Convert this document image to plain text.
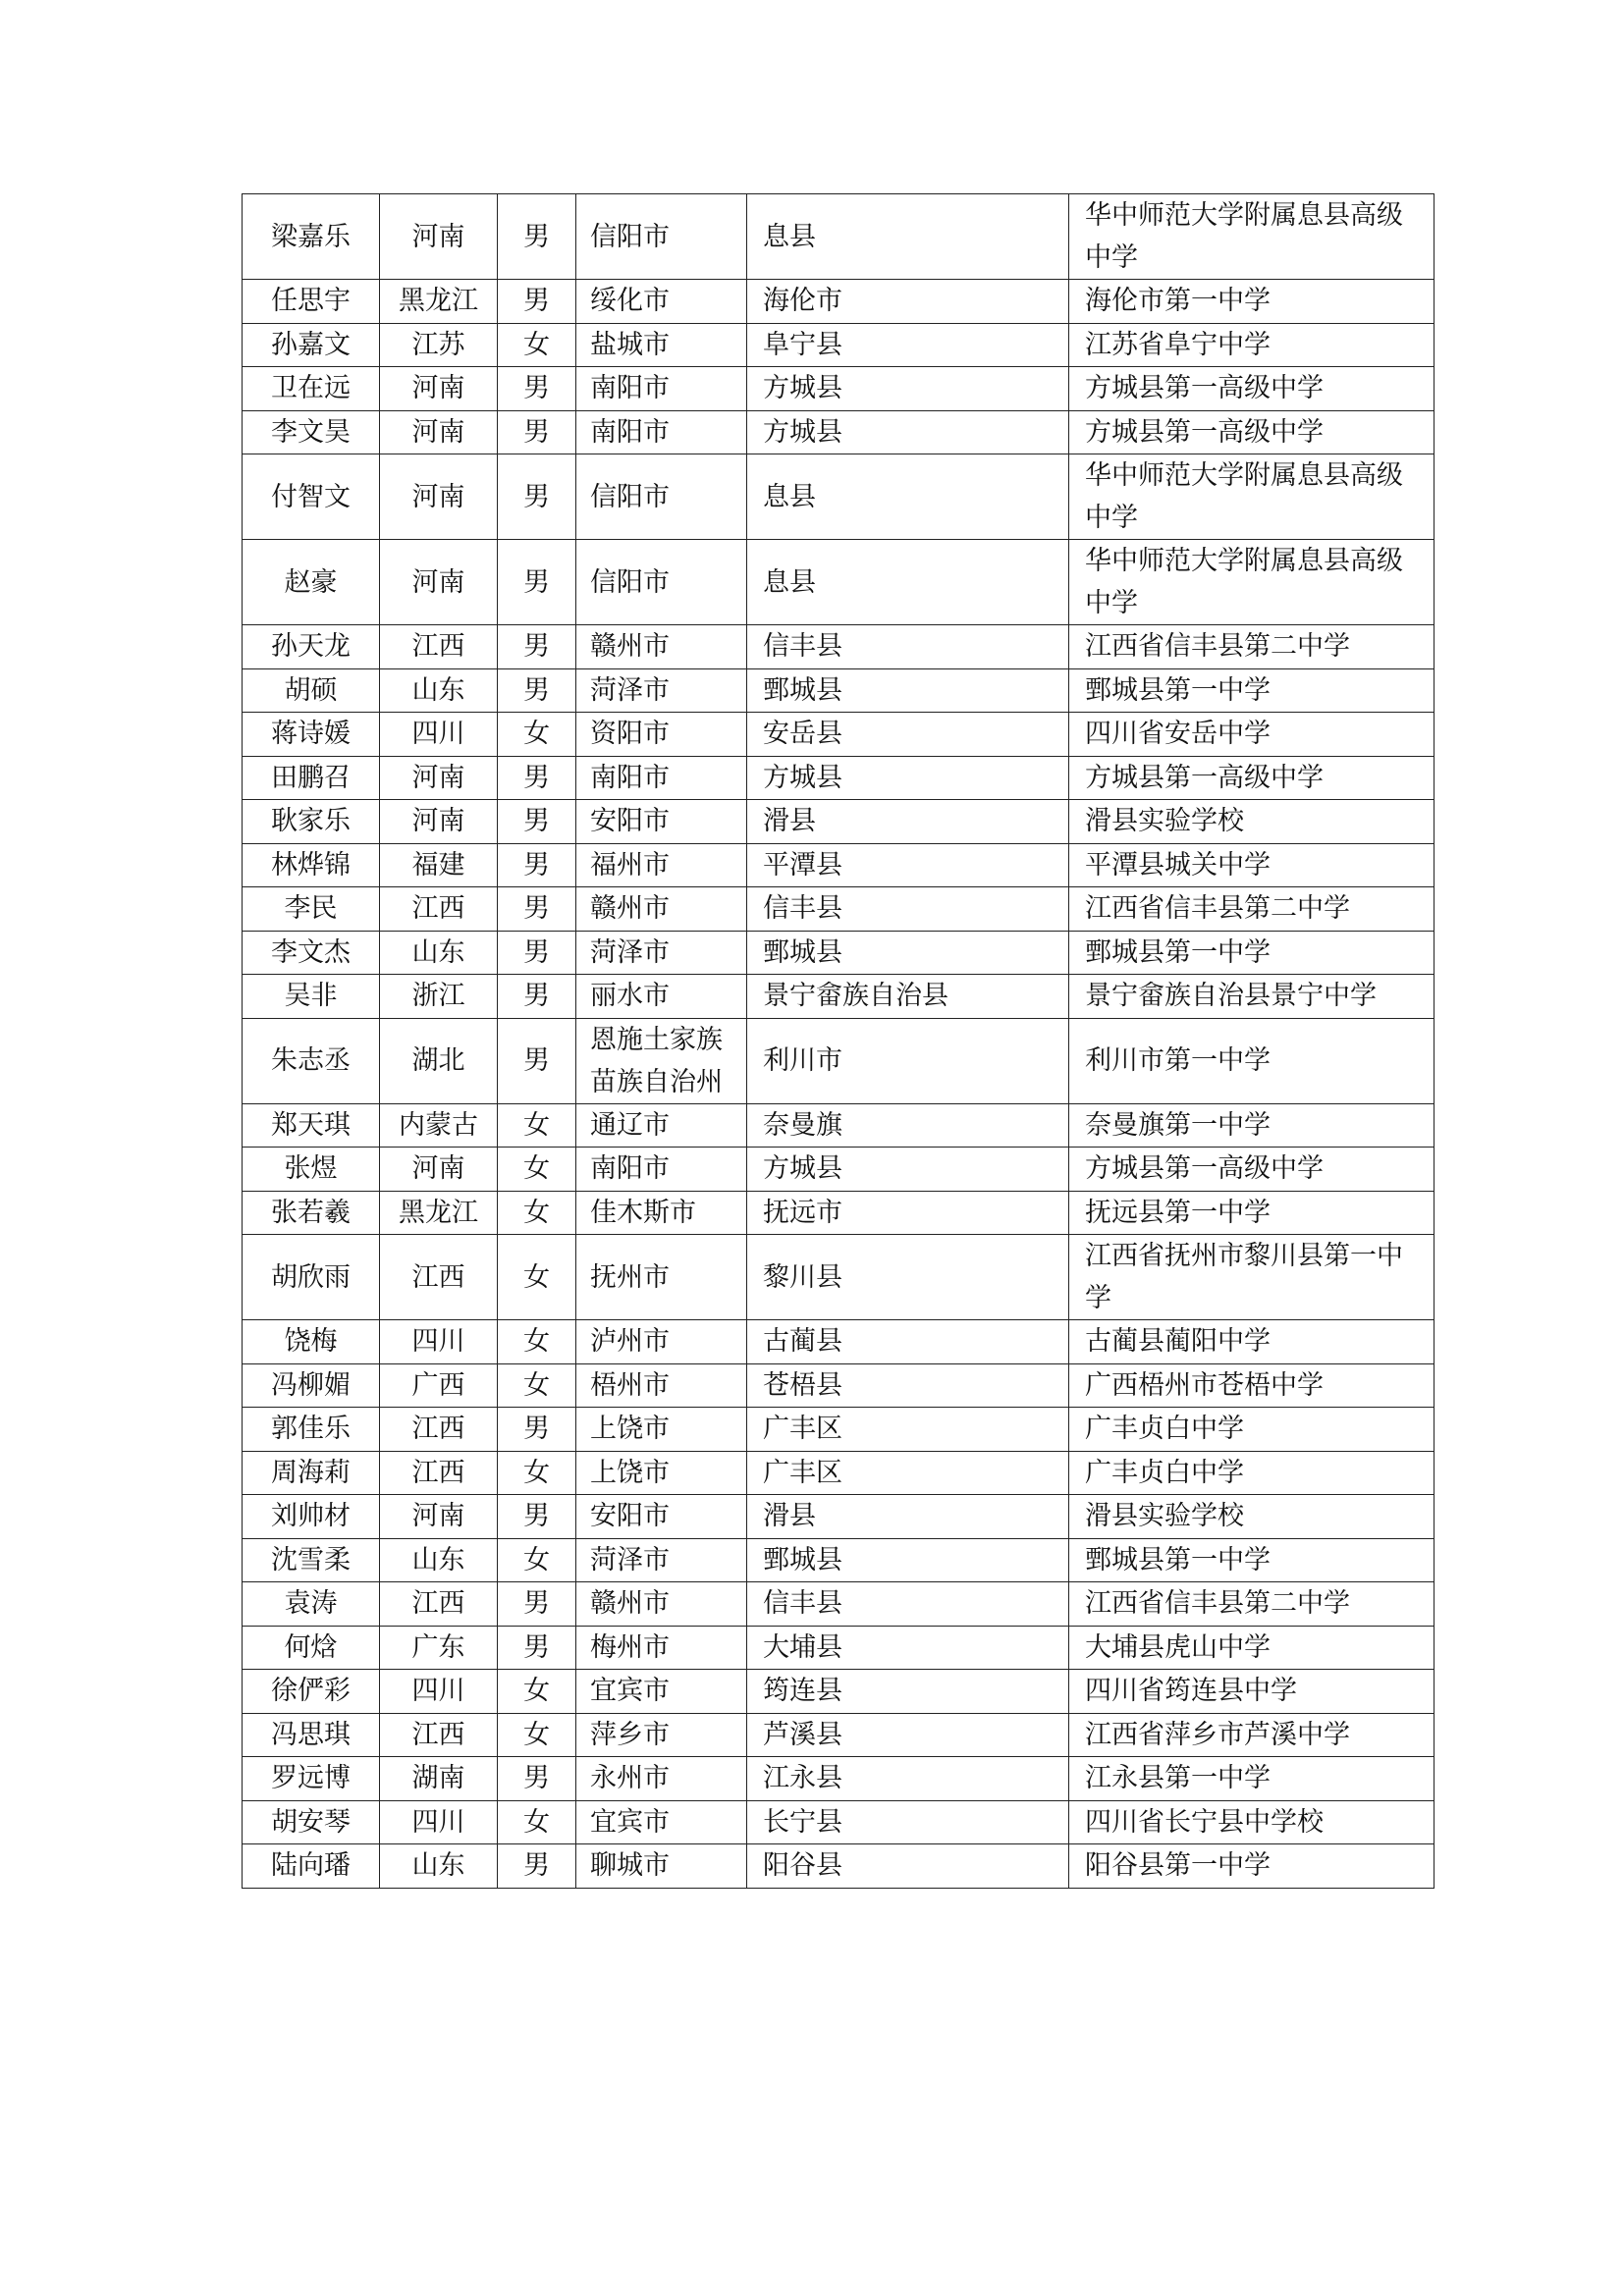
梁嘉乐	河南	男	信阳市	息县	华中师范大学附属息县高级中学
任思宇	黑龙江	男	绥化市	海伦市	海伦市第一中学
孙嘉文	江苏	女	盐城市	阜宁县	江苏省阜宁中学
卫在远	河南	男	南阳市	方城县	方城县第一高级中学
李文昊	河南	男	南阳市	方城县	方城县第一高级中学
付智文	河南	男	信阳市	息县	华中师范大学附属息县高级中学
赵豪	河南	男	信阳市	息县	华中师范大学附属息县高级中学
孙天龙	江西	男	赣州市	信丰县	江西省信丰县第二中学
胡硕	山东	男	菏泽市	鄄城县	鄄城县第一中学
蒋诗媛	四川	女	资阳市	安岳县	四川省安岳中学
田鹏召	河南	男	南阳市	方城县	方城县第一高级中学
耿家乐	河南	男	安阳市	滑县	滑县实验学校
林烨锦	福建	男	福州市	平潭县	平潭县城关中学
李民	江西	男	赣州市	信丰县	江西省信丰县第二中学
李文杰	山东	男	菏泽市	鄄城县	鄄城县第一中学
吴非	浙江	男	丽水市	景宁畲族自治县	景宁畲族自治县景宁中学
朱志丞	湖北	男	恩施土家族苗族自治州	利川市	利川市第一中学
郑天琪	内蒙古	女	通辽市	奈曼旗	奈曼旗第一中学
张煜	河南	女	南阳市	方城县	方城县第一高级中学
张若羲	黑龙江	女	佳木斯市	抚远市	抚远县第一中学
胡欣雨	江西	女	抚州市	黎川县	江西省抚州市黎川县第一中学
饶梅	四川	女	泸州市	古蔺县	古蔺县蔺阳中学
冯柳媚	广西	女	梧州市	苍梧县	广西梧州市苍梧中学
郭佳乐	江西	男	上饶市	广丰区	广丰贞白中学
周海莉	江西	女	上饶市	广丰区	广丰贞白中学
刘帅材	河南	男	安阳市	滑县	滑县实验学校
沈雪柔	山东	女	菏泽市	鄄城县	鄄城县第一中学
袁涛	江西	男	赣州市	信丰县	江西省信丰县第二中学
何焓	广东	男	梅州市	大埔县	大埔县虎山中学
徐俨彩	四川	女	宜宾市	筠连县	四川省筠连县中学
冯思琪	江西	女	萍乡市	芦溪县	江西省萍乡市芦溪中学
罗远博	湖南	男	永州市	江永县	江永县第一中学
胡安琴	四川	女	宜宾市	长宁县	四川省长宁县中学校
陆向璠	山东	男	聊城市	阳谷县	阳谷县第一中学
